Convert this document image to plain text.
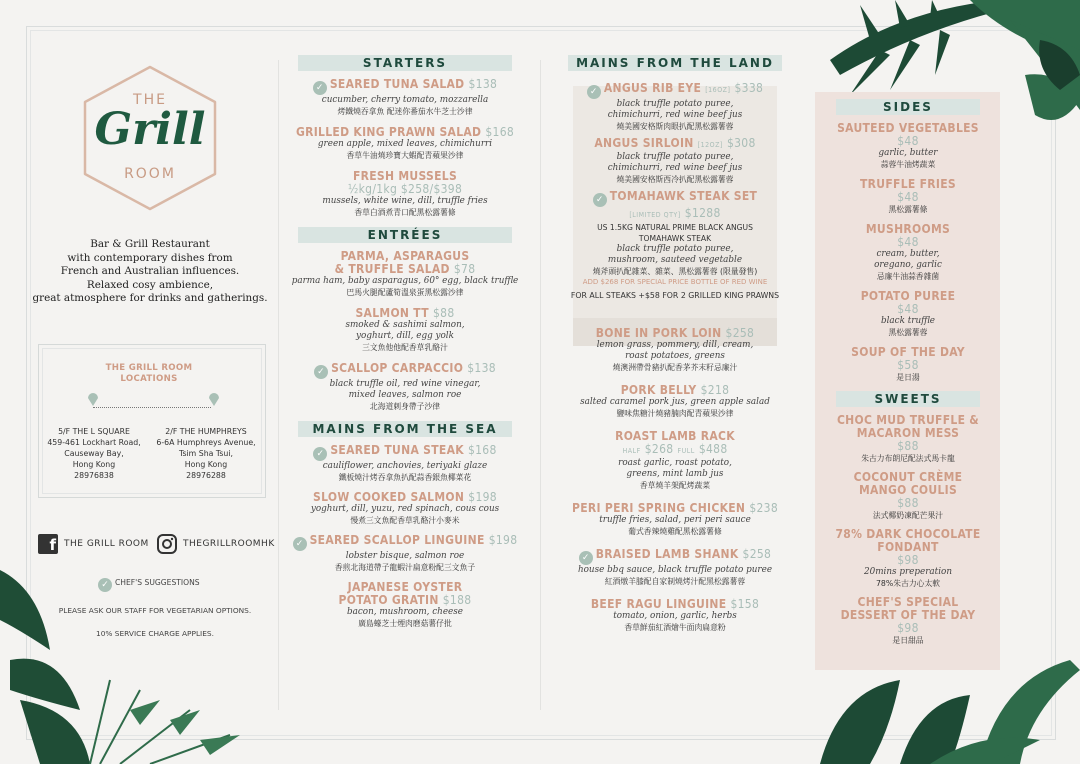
THE
Grill
ROOM
Bar & Grill Restaurant
with contemporary dishes from
French and Australian influences.
Relaxed cosy ambience,
great atmosphere for drinks and gatherings.
THE GRILL ROOM
LOCATIONS
5/F THE L SQUARE
459-461 Lockhart Road,
Causeway Bay,
Hong Kong
28976838
2/F THE HUMPHREYS
6-6A Humphreys Avenue,
Tsim Sha Tsui,
Hong Kong
28976288
f THE GRILL ROOM	THEGRILLROOMHK
✓ CHEF'S SUGGESTIONS
PLEASE ASK OUR STAFF FOR VEGETARIAN OPTIONS.
10% SERVICE CHARGE APPLIES.
STARTERS
✓ SEARED TUNA SALAD $138
cucumber, cherry tomato, mozzarella
烤鐵燒吞拿魚 配迷你番茄水牛芝士沙律
GRILLED KING PRAWN SALAD $168
green apple, mixed leaves, chimichurri
香草牛油燒珍寶大蝦配青蘋果沙律
FRESH MUSSELS
½kg/1kg $258/$398
mussels, white wine, dill, truffle fries
香草白酒煮青口配黑松露薯條
ENTRÉES
PARMA, ASPARAGUS
& TRUFFLE SALAD $78
parma ham, baby asparagus, 60° egg, black truffle
巴馬火腿配蘆筍溫泉蛋黑松露沙律
SALMON TT $88
smoked & sashimi salmon,
yoghurt, dill, egg yolk
三文魚他他配香草乳酪汁
✓ SCALLOP CARPACCIO $138
black truffle oil, red wine vinegar,
mixed leaves, salmon roe
北海道刺身帶子沙律
MAINS FROM THE SEA
✓ SEARED TUNA STEAK $168
cauliflower, anchovies, teriyaki glaze
鐵板燒汁烤吞拿魚扒配蒜香銀魚椰菜花
SLOW COOKED SALMON $198
yoghurt, dill, yuzu, red spinach, cous cous
慢煮三文魚配香草乳酪汁小麥米
✓ SEARED SCALLOP LINGUINE $198
lobster bisque, salmon roe
香煎北海道帶子龍蝦汁扁意粉配三文魚子
JAPANESE OYSTER
POTATO GRATIN $188
bacon, mushroom, cheese
廣島蠔芝士煙肉磨菇薯仔批
MAINS FROM THE LAND
✓ ANGUS RIB EYE [16OZ] $338
black truffle potato puree,
chimichurri, red wine beef jus
燒美國安格斯肉眼扒配黑松露薯蓉
ANGUS SIRLOIN [12OZ] $308
black truffle potato puree,
chimichurri, red wine beef jus
燒美國安格斯西冷扒配黑松露薯蓉
✓ TOMAHAWK STEAK SET
[LIMITED QTY] $1288
US 1.5KG NATURAL PRIME BLACK ANGUS
TOMAHAWK STEAK
black truffle potato puree,
mushroom, sauteed vegetable
燒斧頭扒配雜菜、雜菜、黑松露薯蓉 (限量發售)
ADD $268 FOR SPECIAL PRICE BOTTLE OF RED WINE
FOR ALL STEAKS +$58 FOR 2 GRILLED KING PRAWNS
BONE IN PORK LOIN $258
lemon grass, pommery, dill, cream,
roast potatoes, greens
燒澳洲帶骨豬扒配香茅芥末籽忌廉汁
PORK BELLY $218
salted caramel pork jus, green apple salad
鹽味焦糖汁燒豬腩肉配青蘋果沙律
ROAST LAMB RACK
HALF $268 FULL $488
roast garlic, roast potato,
greens, mint lamb jus
香草燒羊架配烤蔬菜
PERI PERI SPRING CHICKEN $238
truffle fries, salad, peri peri sauce
葡式香辣燒雞配黑松露薯條
✓ BRAISED LAMB SHANK $258
house bbq sauce, black truffle potato puree
紅酒燉羊膝配自家制燒烤汁配黑松露薯蓉
BEEF RAGU LINGUINE $158
tomato, onion, garlic, herbs
香草鮮茄紅酒燴牛面肉扁意粉
SIDES
SAUTEED VEGETABLES
$48
garlic, butter
蒜蓉牛油烤蔬菜
TRUFFLE FRIES
$48
黑松露薯條
MUSHROOMS
$48
cream, butter,
oregano, garlic
忌廉牛油蒜香雜菌
POTATO PUREE
$48
black truffle
黑松露薯蓉
SOUP OF THE DAY
$58
是日湯
SWEETS
CHOC MUD TRUFFLE &
MACARON MESS
$88
朱古力布朗尼配法式馬卡龍
COCONUT CRÈME
MANGO COULIS
$88
法式椰奶凍配芒果汁
78% DARK CHOCOLATE
FONDANT
$98
20mins preperation
78%朱古力心太軟
CHEF'S SPECIAL
DESSERT OF THE DAY
$98
是日甜品
